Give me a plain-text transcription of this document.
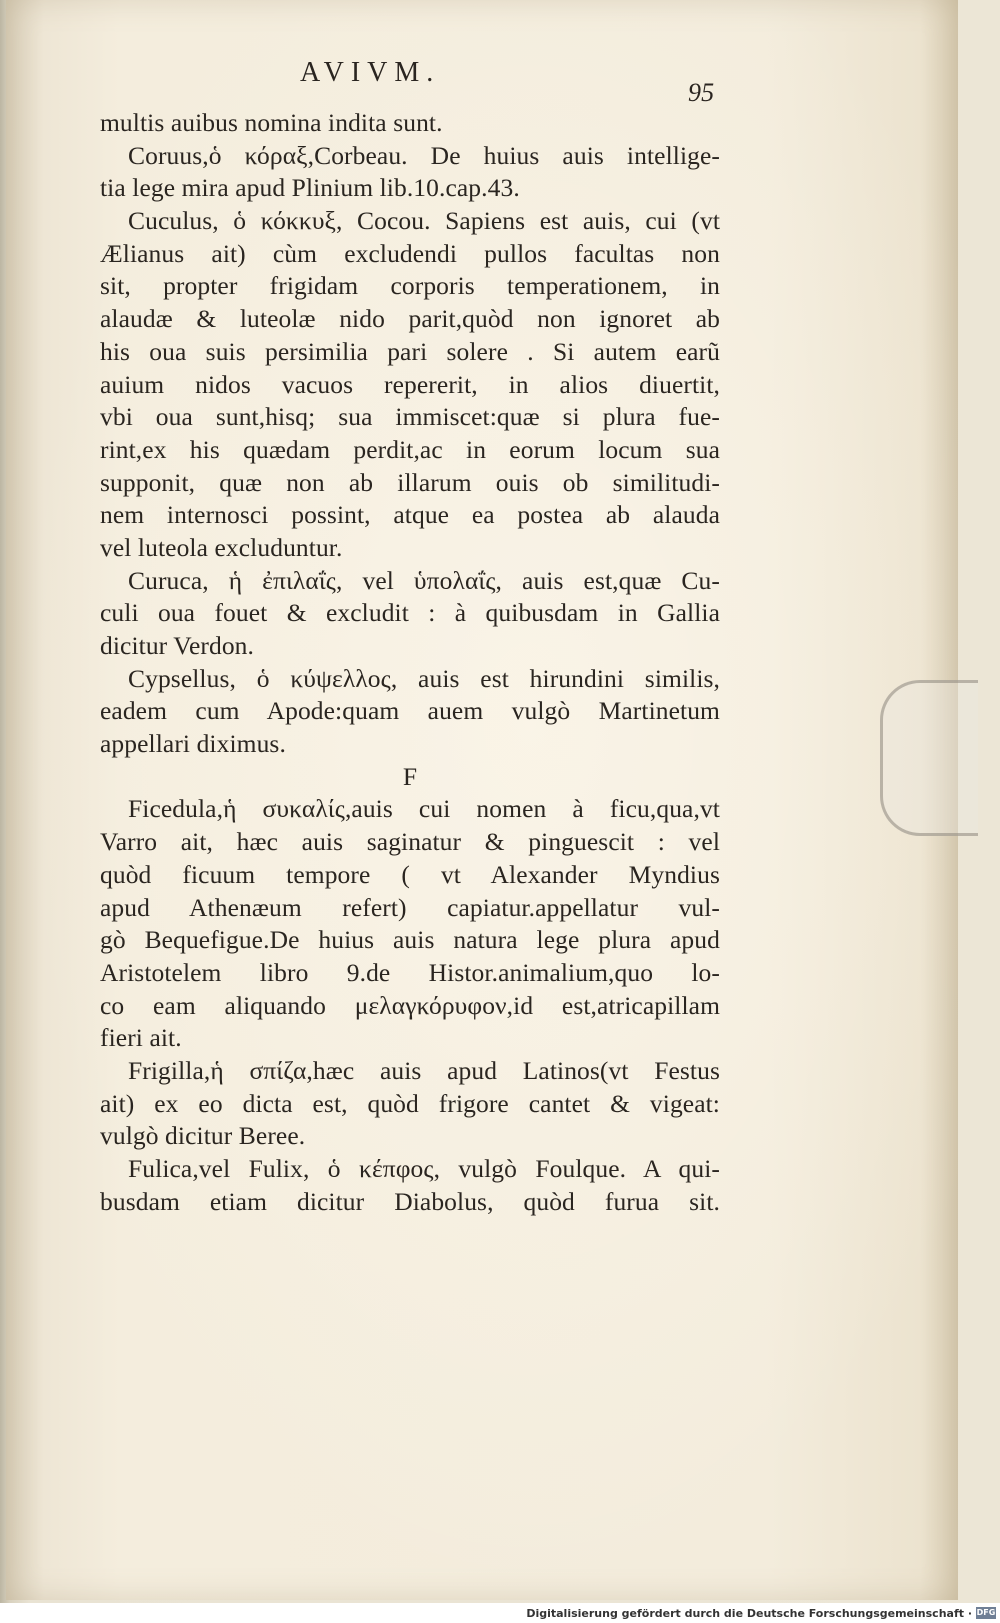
AVIVM.
95
multis auibus nomina indita sunt.
Coruus,ὁ κόραξ,Corbeau. De huius auis intellige-
tia lege mira apud Plinium lib.10.cap.43.
Cuculus, ὁ κόκκυξ, Cocou. Sapiens est auis, cui (vt
Ælianus ait) cùm excludendi pullos facultas non
sit, propter frigidam corporis temperationem, in
alaudæ & luteolæ nido parit,quòd non ignoret ab
his oua suis persimilia pari solere . Si autem earũ
auium nidos vacuos repererit, in alios diuertit,
vbi oua sunt,hisq; sua immiscet:quæ si plura fue-
rint,ex his quædam perdit,ac in eorum locum sua
supponit, quæ non ab illarum ouis ob similitudi-
nem internosci possint, atque ea postea ab alauda
vel luteola excluduntur.
Curuca, ἡ ἐπιλαΐς, vel ὑπολαΐς, auis est,quæ Cu-
culi oua fouet & excludit : à quibusdam in Gallia
dicitur Verdon.
Cypsellus, ὁ κύψελλος, auis est hirundini similis,
eadem cum Apode:quam auem vulgò Martinetum
appellari diximus.
F
Ficedula,ἡ συκαλίς,auis cui nomen à ficu,qua,vt
Varro ait, hæc auis saginatur & pinguescit : vel
quòd ficuum tempore ( vt Alexander Myndius
apud Athenæum refert) capiatur.appellatur vul-
gò Bequefigue.De huius auis natura lege plura apud
Aristotelem libro 9.de Histor.animalium,quo lo-
co eam aliquando μελαγκόρυφον,id est,atricapillam
fieri ait.
Frigilla,ἡ σπίζα,hæc auis apud Latinos(vt Festus
ait) ex eo dicta est, quòd frigore cantet & vigeat:
vulgò dicitur Beree.
Fulica,vel Fulix, ὁ κέπφος, vulgò Foulque. A qui-
busdam etiam dicitur Diabolus, quòd furua sit.
Digitalisierung gefördert durch die Deutsche Forschungsgemeinschaft · DFG
